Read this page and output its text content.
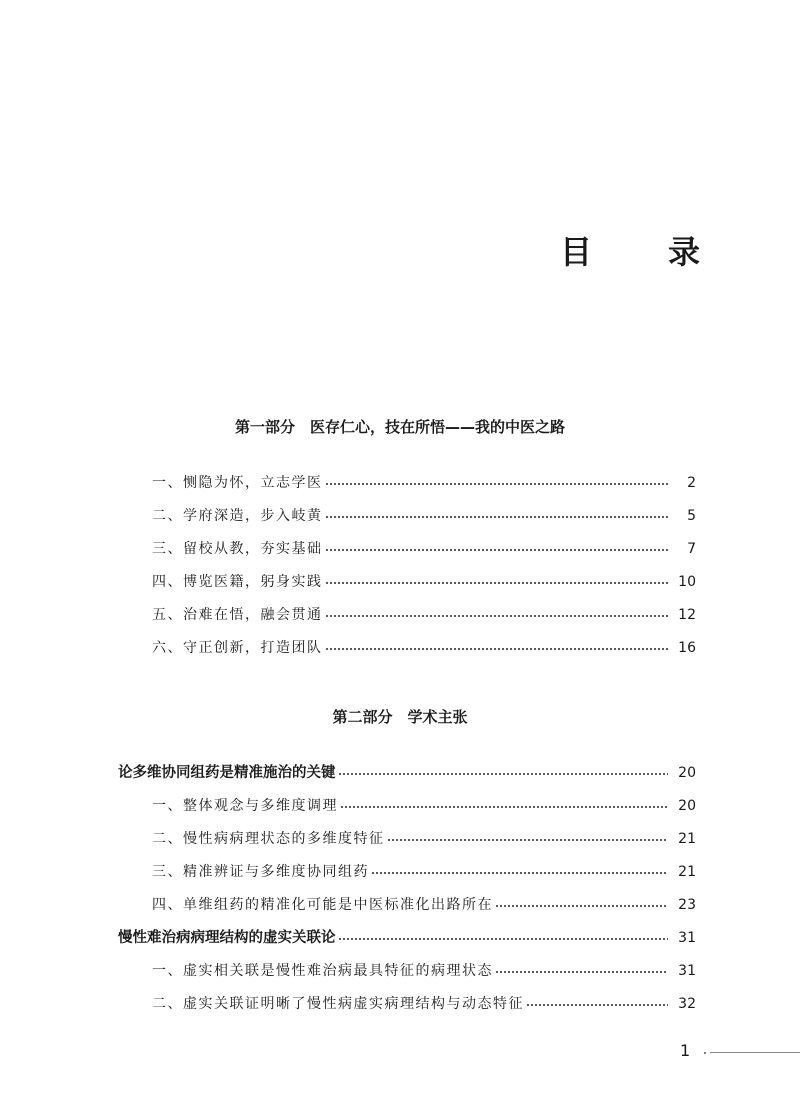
目　录
第一部分　医存仁心，技在所悟——我的中医之路
一、恻隐为怀，立志学医	2
二、学府深造，步入岐黄	5
三、留校从教，夯实基础	7
四、博览医籍，躬身实践	10
五、治难在悟，融会贯通	12
六、守正创新，打造团队	16
第二部分　学术主张
论多维协同组药是精准施治的关键	20
一、整体观念与多维度调理	20
二、慢性病病理状态的多维度特征	21
三、精准辨证与多维度协同组药	21
四、单维组药的精准化可能是中医标准化出路所在	23
慢性难治病病理结构的虚实关联论	31
一、虚实相关联是慢性难治病最具特征的病理状态	31
二、虚实关联证明晰了慢性病虚实病理结构与动态特征	32
1
